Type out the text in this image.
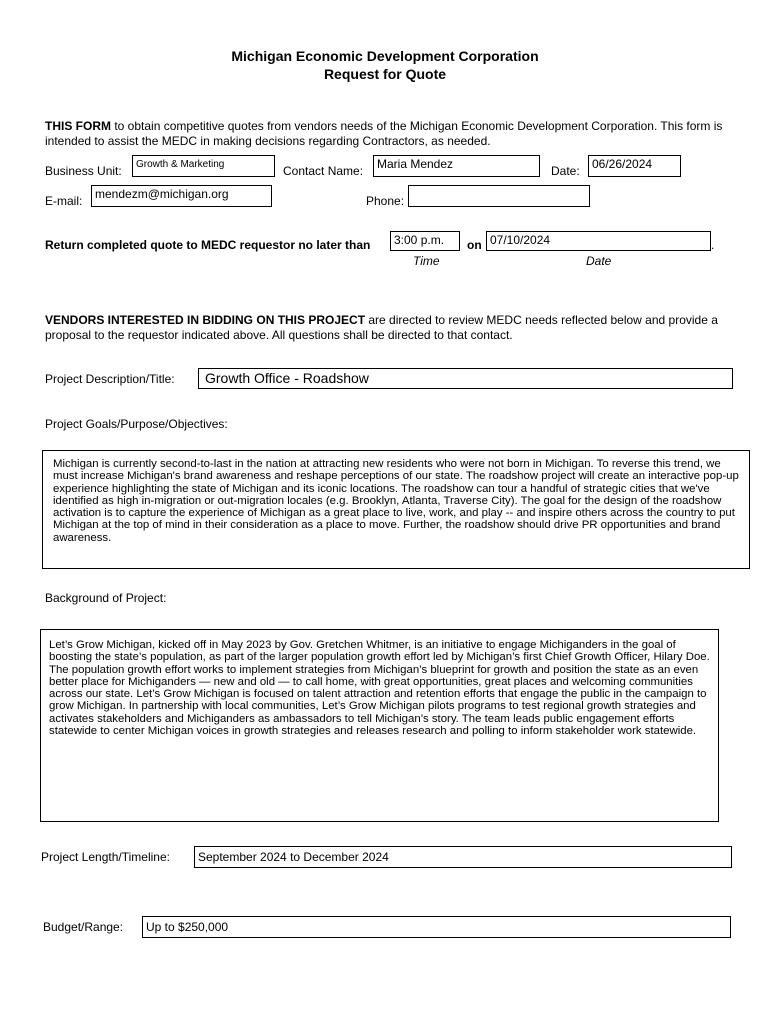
Michigan Economic Development Corporation
Request for Quote
THIS FORM to obtain competitive quotes from vendors needs of the Michigan Economic Development Corporation. This form is intended to assist the MEDC in making decisions regarding Contractors, as needed.
Business Unit:	Growth & Marketing	Contact Name:	Maria Mendez	Date:	06/26/2024
E-mail:	mendezm@michigan.org	Phone:
Return completed quote to MEDC requestor no later than	3:00 p.m.	on 07/10/2024	.
Time	Date
VENDORS INTERESTED IN BIDDING ON THIS PROJECT are directed to review MEDC needs reflected below and provide a proposal to the requestor indicated above. All questions shall be directed to that contact.
Project Description/Title:	Growth Office - Roadshow
Project Goals/Purpose/Objectives:
Michigan is currently second-to-last in the nation at attracting new residents who were not born in Michigan. To reverse this trend, we must increase Michigan's brand awareness and reshape perceptions of our state. The roadshow project will create an interactive pop-up experience highlighting the state of Michigan and its iconic locations. The roadshow can tour a handful of strategic cities that we've identified as high in-migration or out-migration locales (e.g. Brooklyn, Atlanta, Traverse City). The goal for the design of the roadshow activation is to capture the experience of Michigan as a great place to live, work, and play -- and inspire others across the country to put Michigan at the top of mind in their consideration as a place to move. Further, the roadshow should drive PR opportunities and brand awareness.
Background of Project:
Let’s Grow Michigan, kicked off in May 2023 by Gov. Gretchen Whitmer, is an initiative to engage Michiganders in the goal of boosting the state’s population, as part of the larger population growth effort led by Michigan’s first Chief Growth Officer, Hilary Doe. The population growth effort works to implement strategies from Michigan’s blueprint for growth and position the state as an even better place for Michiganders — new and old — to call home, with great opportunities, great places and welcoming communities across our state. Let’s Grow Michigan is focused on talent attraction and retention efforts that engage the public in the campaign to grow Michigan. In partnership with local communities, Let’s Grow Michigan pilots programs to test regional growth strategies and activates stakeholders and Michiganders as ambassadors to tell Michigan’s story. The team leads public engagement efforts statewide to center Michigan voices in growth strategies and releases research and polling to inform stakeholder work statewide.
Project Length/Timeline:	September 2024 to December 2024
Budget/Range:	Up to $250,000
